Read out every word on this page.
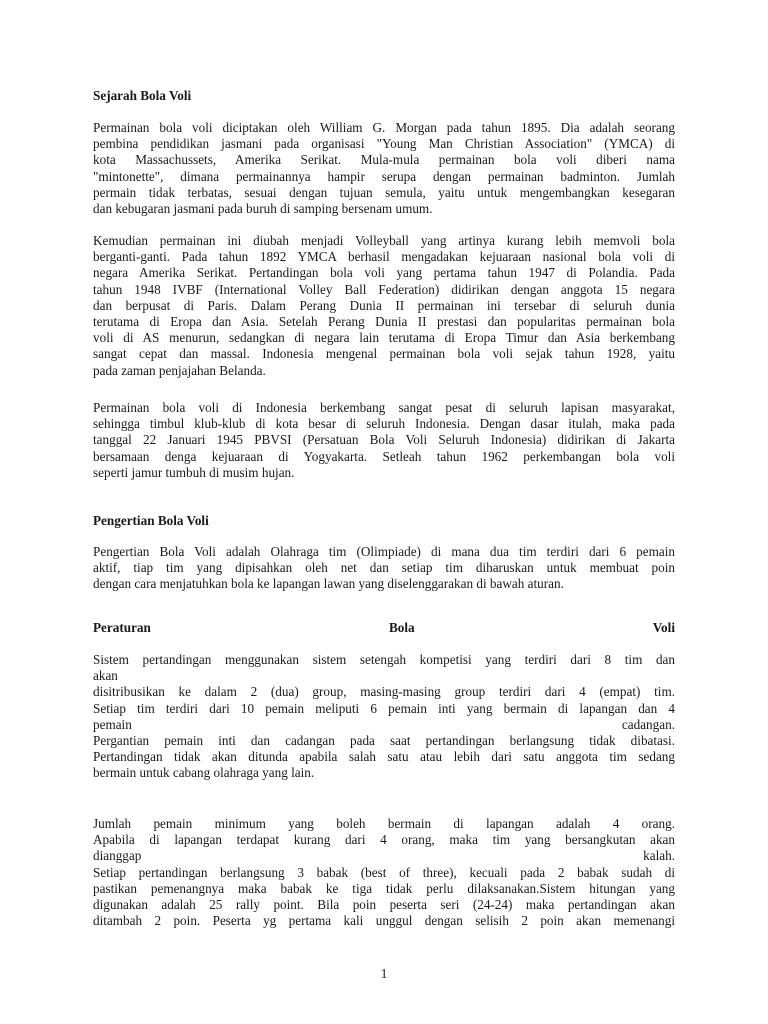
Sejarah Bola Voli
Permainan bola voli diciptakan oleh William G. Morgan pada tahun 1895. Dia adalah seorang
pembina pendidikan jasmani pada organisasi "Young Man Christian Association" (YMCA) di
kota Massachussets, Amerika Serikat. Mula-mula permainan bola voli diberi nama
"mintonette", dimana permainannya hampir serupa dengan permainan badminton. Jumlah
permain tidak terbatas, sesuai dengan tujuan semula, yaitu untuk mengembangkan kesegaran
dan kebugaran jasmani pada buruh di samping bersenam umum.
Kemudian permainan ini diubah menjadi Volleyball yang artinya kurang lebih memvoli bola
berganti-ganti. Pada tahun 1892 YMCA berhasil mengadakan kejuaraan nasional bola voli di
negara Amerika Serikat. Pertandingan bola voli yang pertama tahun 1947 di Polandia. Pada
tahun 1948 IVBF (International Volley Ball Federation) didirikan dengan anggota 15 negara
dan berpusat di Paris. Dalam Perang Dunia II permainan ini tersebar di seluruh dunia
terutama di Eropa dan Asia. Setelah Perang Dunia II prestasi dan popularitas permainan bola
voli di AS menurun, sedangkan di negara lain terutama di Eropa Timur dan Asia berkembang
sangat cepat dan massal. Indonesia mengenal permainan bola voli sejak tahun 1928, yaitu
pada zaman penjajahan Belanda.
Permainan bola voli di Indonesia berkembang sangat pesat di seluruh lapisan masyarakat,
sehingga timbul klub-klub di kota besar di seluruh Indonesia. Dengan dasar itulah, maka pada
tanggal 22 Januari 1945 PBVSI (Persatuan Bola Voli Seluruh Indonesia) didirikan di Jakarta
bersamaan denga kejuaraan di Yogyakarta. Setleah tahun 1962 perkembangan bola voli
seperti jamur tumbuh di musim hujan.
Pengertian Bola Voli
Pengertian Bola Voli adalah Olahraga tim (Olimpiade) di mana dua tim terdiri dari 6 pemain
aktif, tiap tim yang dipisahkan oleh net dan setiap tim diharuskan untuk membuat poin
dengan cara menjatuhkan bola ke lapangan lawan yang diselenggarakan di bawah aturan.
Peraturan	Bola	Voli
Sistem pertandingan menggunakan sistem setengah kompetisi yang terdiri dari 8 tim dan
akan
disitribusikan ke dalam 2 (dua) group, masing-masing group terdiri dari 4 (empat) tim.
Setiap tim terdiri dari 10 pemain meliputi 6 pemain inti yang bermain di lapangan dan 4
pemain	cadangan.
Pergantian pemain inti dan cadangan pada saat pertandingan berlangsung tidak dibatasi.
Pertandingan tidak akan ditunda apabila salah satu atau lebih dari satu anggota tim sedang
bermain untuk cabang olahraga yang lain.
Jumlah pemain minimum yang boleh bermain di lapangan adalah 4 orang.
Apabila di lapangan terdapat kurang dari 4 orang, maka tim yang bersangkutan akan
dianggap	kalah.
Setiap pertandingan berlangsung 3 babak (best of three), kecuali pada 2 babak sudah di
pastikan pemenangnya maka babak ke tiga tidak perlu dilaksanakan.Sistem hitungan yang
digunakan adalah 25 rally point. Bila poin peserta seri (24-24) maka pertandingan akan
ditambah 2 poin. Peserta yg pertama kali unggul dengan selisih 2 poin akan memenangi
1
